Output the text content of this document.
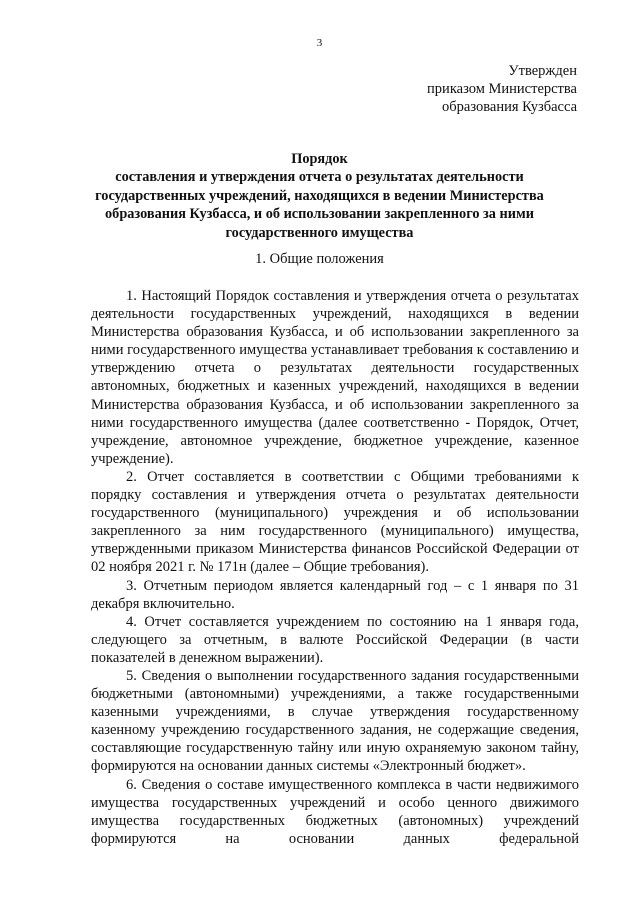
3
Утвержден
приказом Министерства
образования Кузбасса
Порядок
составления и утверждения отчета о результатах деятельности
государственных учреждений, находящихся в ведении Министерства
образования Кузбасса, и об использовании закрепленного за ними
государственного имущества
1. Общие положения

1. Настоящий Порядок составления и утверждения отчета о результатах деятельности государственных учреждений, находящихся в ведении Министерства образования Кузбасса, и об использовании закрепленного за ними государственного имущества устанавливает требования к составлению и утверждению отчета о результатах деятельности государственных автономных, бюджетных и казенных учреждений, находящихся в ведении Министерства образования Кузбасса, и об использовании закрепленного за ними государственного имущества (далее соответственно - Порядок, Отчет, учреждение, автономное учреждение, бюджетное учреждение, казенное учреждение).

2. Отчет составляется в соответствии с Общими требованиями к порядку составления и утверждения отчета о результатах деятельности государственного (муниципального) учреждения и об использовании закрепленного за ним государственного (муниципального) имущества, утвержденными приказом Министерства финансов Российской Федерации от 02 ноября 2021 г. № 171н (далее – Общие требования).

3. Отчетным периодом является календарный год – с 1 января по 31 декабря включительно.

4. Отчет составляется учреждением по состоянию на 1 января года, следующего за отчетным, в валюте Российской Федерации (в части показателей в денежном выражении).

5. Сведения о выполнении государственного задания государственными бюджетными (автономными) учреждениями, а также государственными казенными учреждениями, в случае утверждения государственному казенному учреждению государственного задания, не содержащие сведения, составляющие государственную тайну или иную охраняемую законом тайну, формируются на основании данных системы «Электронный бюджет».

6. Сведения о составе имущественного комплекса в части недвижимого имущества государственных учреждений и особо ценного движимого имущества государственных бюджетных (автономных) учреждений формируются на основании данных федеральной
